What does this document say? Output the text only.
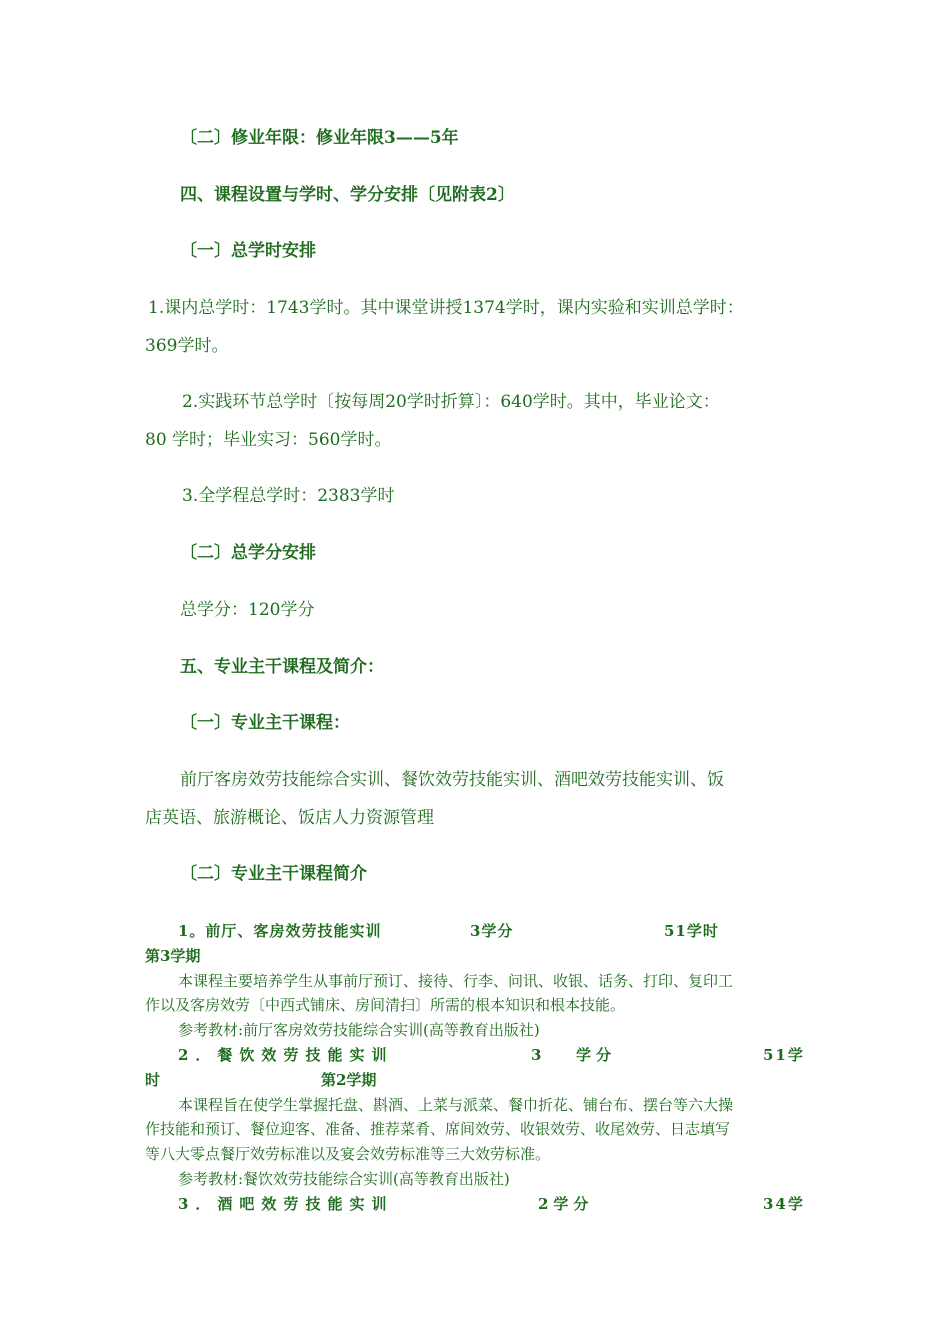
〔二〕修业年限：修业年限3——5年
四、课程设置与学时、学分安排〔见附表2〕
〔一〕总学时安排
1.课内总学时：1743学时。其中课堂讲授1374学时，课内实验和实训总学时：
369学时。
2.实践环节总学时〔按每周20学时折算〕：640学时。其中，毕业论文：
80 学时；毕业实习：560学时。
3.全学程总学时：2383学时
〔二〕总学分安排
总学分：120学分
五、专业主干课程及简介：
〔一〕专业主干课程：
前厅客房效劳技能综合实训、餐饮效劳技能实训、酒吧效劳技能实训、饭
店英语、旅游概论、饭店人力资源管理
〔二〕专业主干课程简介
1。前厅、客房效劳技能实训	3学分	51学时
第3学期
本课程主要培养学生从事前厅预订、接待、行李、问讯、收银、话务、打印、复印工
作以及客房效劳〔中西式铺床、房间清扫〕所需的根本知识和根本技能。
参考教材:前厅客房效劳技能综合实训(高等教育出版社)
2．餐饮效劳技能实训	3 学分	51学
时	第2学期
本课程旨在使学生掌握托盘、斟酒、上菜与派菜、餐巾折花、铺台布、摆台等六大操
作技能和预订、餐位迎客、准备、推荐菜肴、席间效劳、收银效劳、收尾效劳、日志填写
等八大零点餐厅效劳标准以及宴会效劳标准等三大效劳标准。
参考教材:餐饮效劳技能综合实训(高等教育出版社)
3．酒吧效劳技能实训	2学分	34学
